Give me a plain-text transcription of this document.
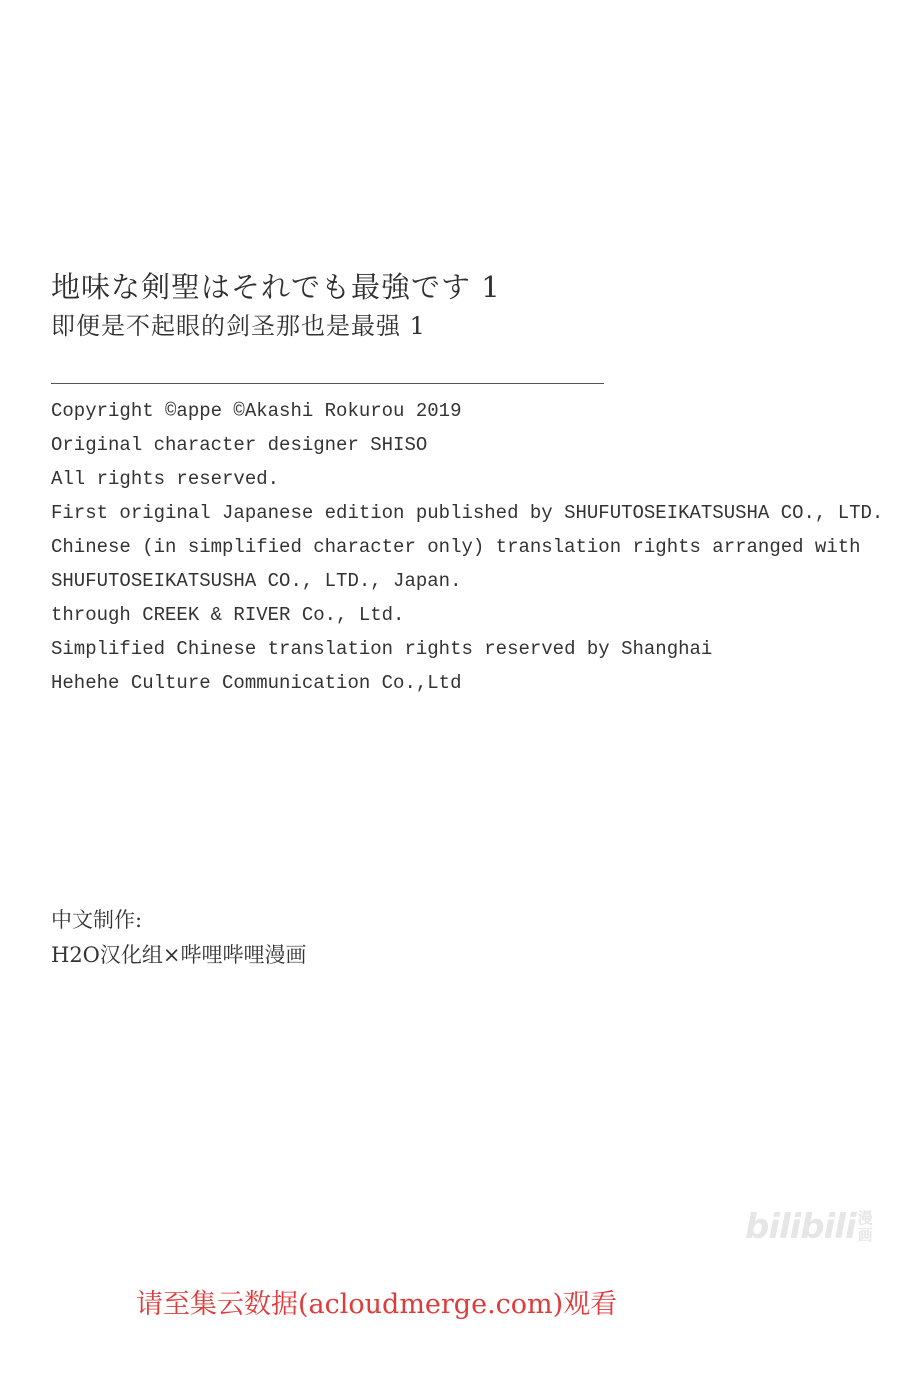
地味な剣聖はそれでも最強です 1
即便是不起眼的剑圣那也是最强 1
Copyright ©appe ©Akashi Rokurou 2019
Original character designer SHISO
All rights reserved.
First original Japanese edition published by SHUFUTOSEIKATSUSHA CO., LTD.
Chinese (in simplified character only) translation rights arranged with
SHUFUTOSEIKATSUSHA CO., LTD., Japan.
through CREEK & RIVER Co., Ltd.
Simplified Chinese translation rights reserved by Shanghai
Hehehe Culture Communication Co.,Ltd
中文制作:
H2O汉化组×哔哩哔哩漫画
bilibili 漫画
请至集云数据(acloudmerge.com)观看
